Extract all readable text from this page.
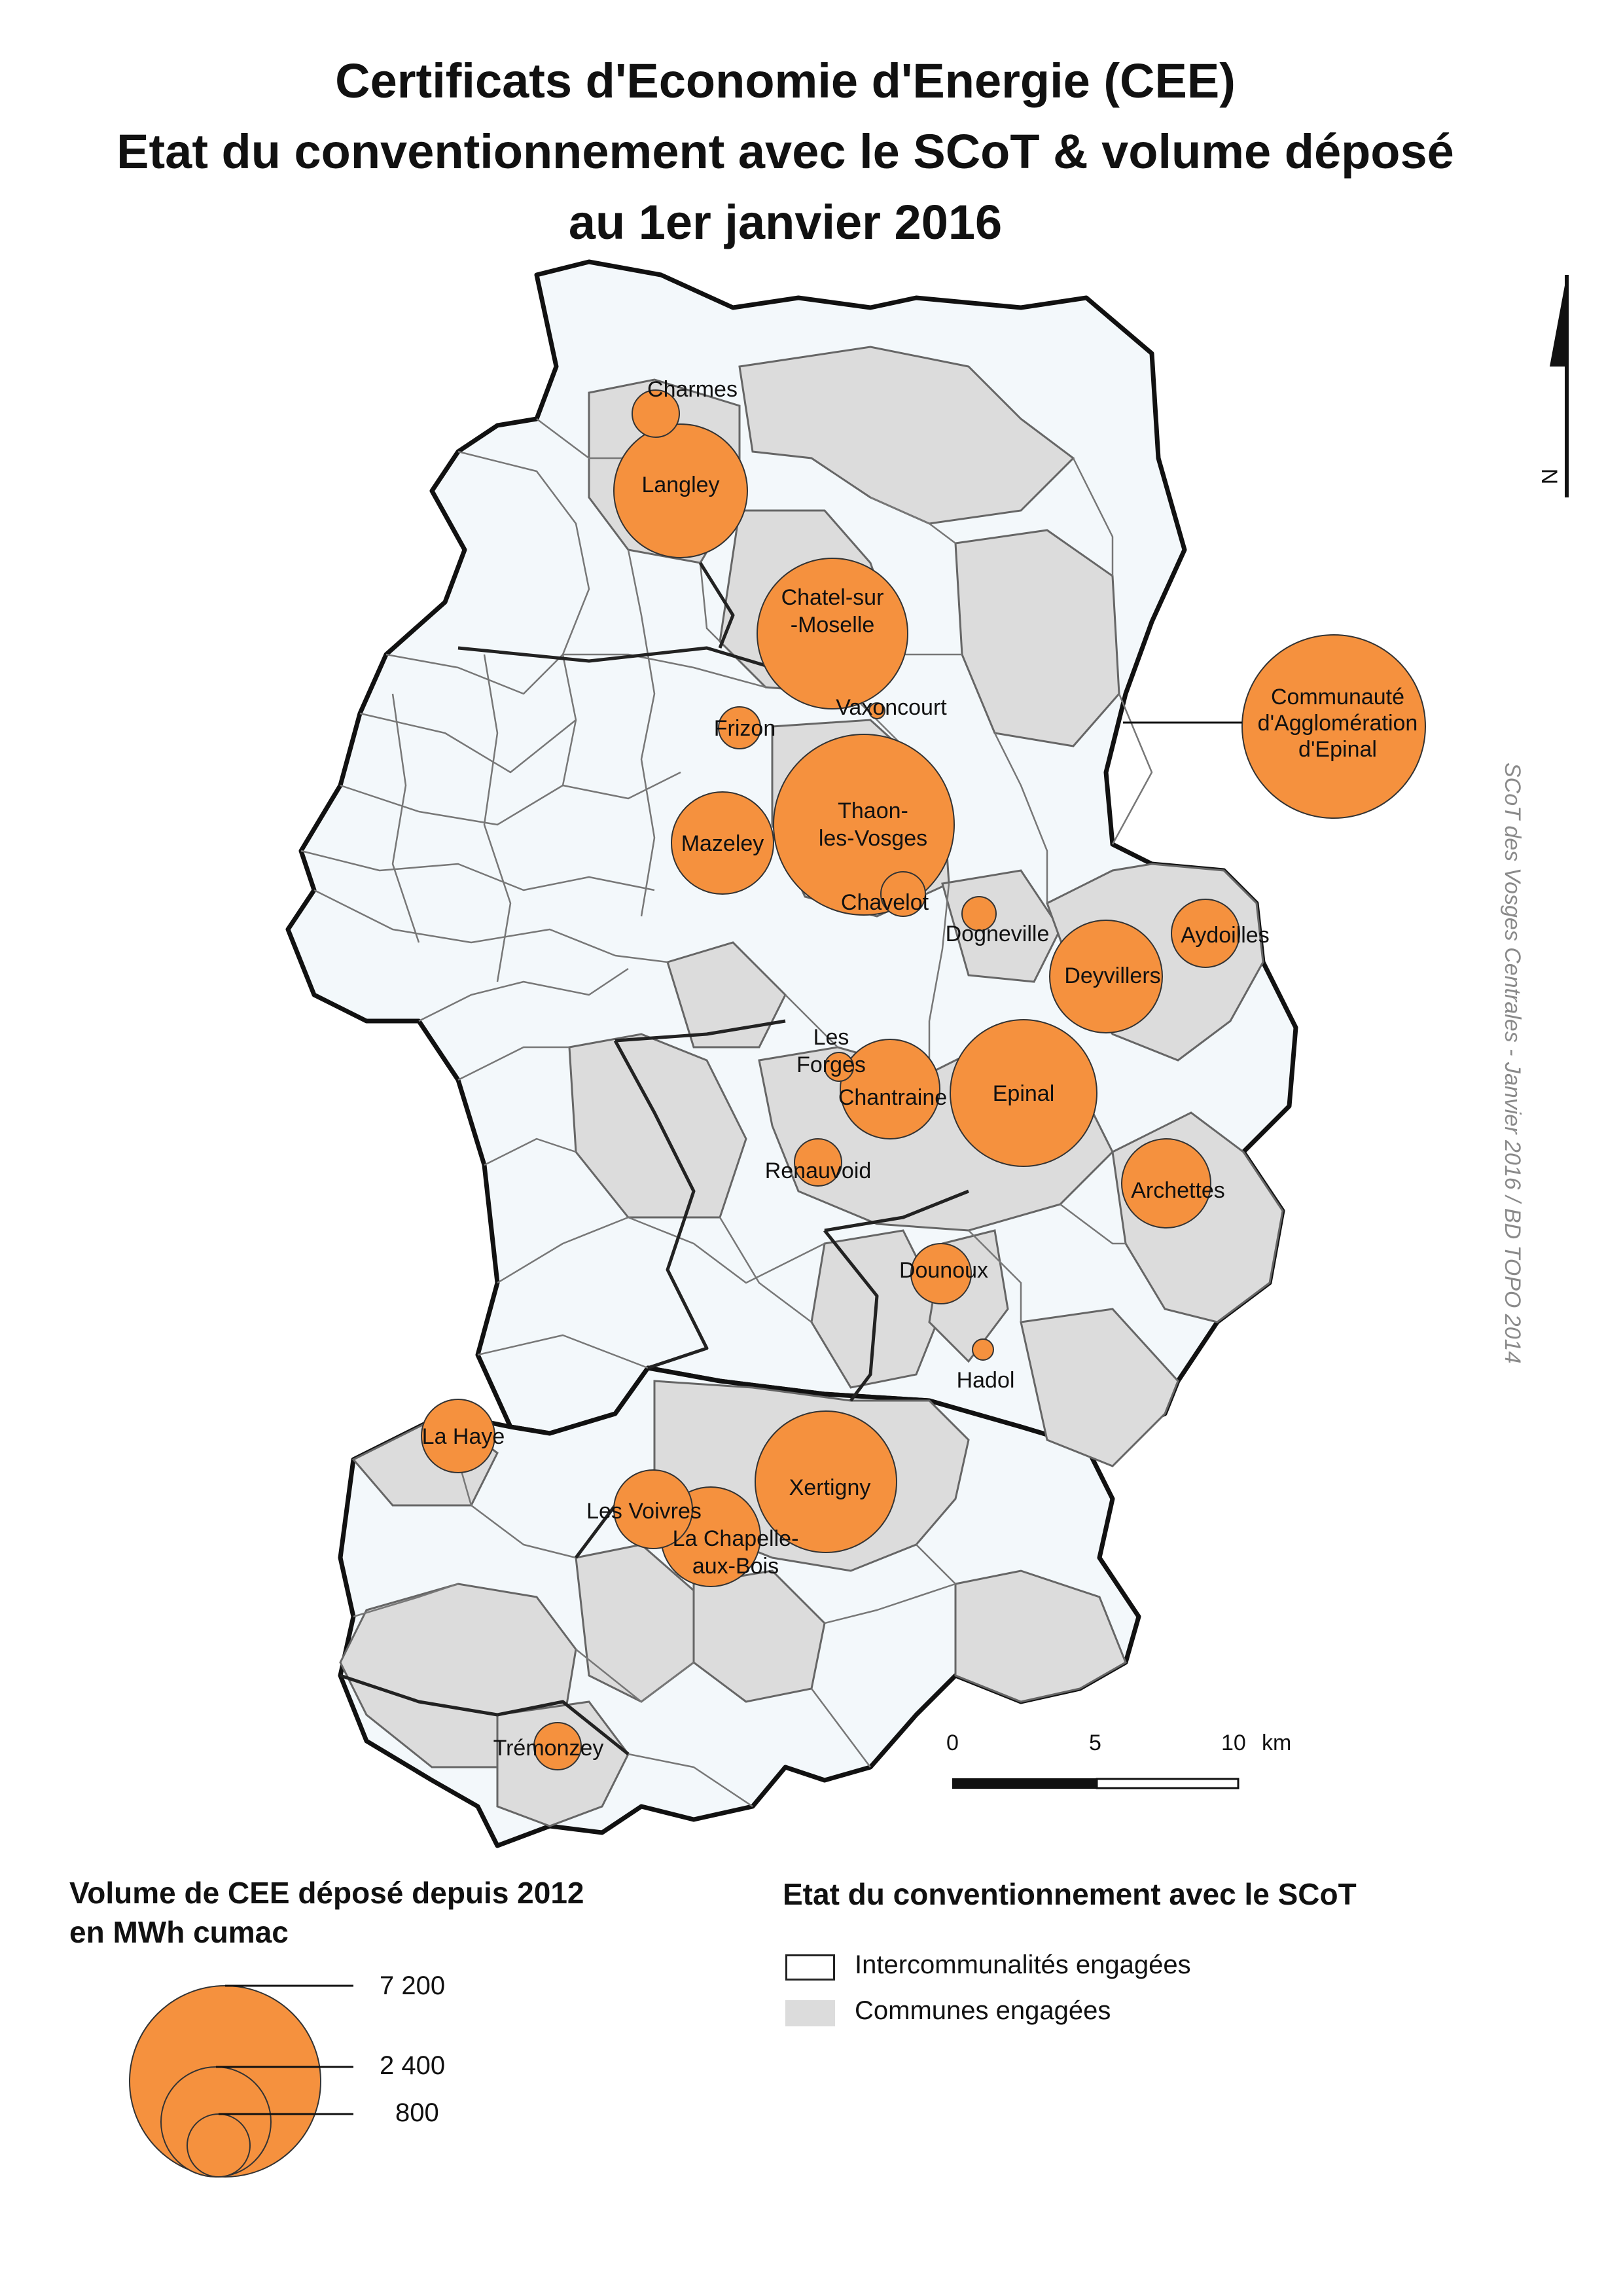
Certificats d'Economie d'Energie (CEE)
Etat du conventionnement avec le SCoT & volume déposé
au 1er janvier 2016
Charmes
Langley
Chatel-sur -Moselle
Vaxoncourt
Frizon
Thaon-les-Vosges
Mazeley
Chavelot
Dogneville	Aydoilles
Deyvillers
Les Forges
Chantraine Epinal
Renauvoid
Archettes
Dounoux
Hadol
La Haye
Xertigny
Les Voivres
La Chapelle-aux-Bois
Trémonzey
Communauté d'Agglomération d'Epinal
N
SCoT des Vosges Centrales - Janvier 2016 / BD TOPO 2014
0	5	10 km
Volume de CEE déposé depuis 2012
en MWh cumac
7 200
2 400
800
Etat du conventionnement avec le SCoT
Intercommunalités engagées
Communes engagées
